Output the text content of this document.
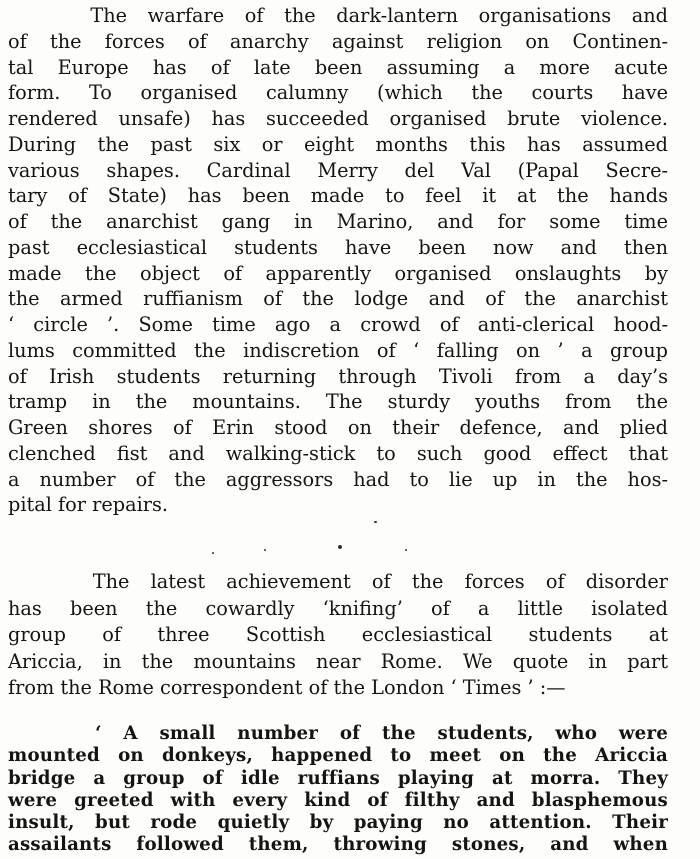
The warfare of the dark-lantern organisations and
of the forces of anarchy against religion on Continen-
tal Europe has of late been assuming a more acute
form. To organised calumny (which the courts have
rendered unsafe) has succeeded organised brute violence.
During the past six or eight months this has assumed
various shapes. Cardinal Merry del Val (Papal Secre-
tary of State) has been made to feel it at the hands
of the anarchist gang in Marino, and for some time
past ecclesiastical students have been now and then
made the object of apparently organised onslaughts by
the armed ruffianism of the lodge and of the anarchist
‘ circle ’. Some time ago a crowd of anti-clerical hood-
lums committed the indiscretion of ‘ falling on ’ a group
of Irish students returning through Tivoli from a day’s
tramp in the mountains. The sturdy youths from the
Green shores of Erin stood on their defence, and plied
clenched fist and walking-stick to such good effect that
a number of the aggressors had to lie up in the hos-
pital for repairs.
The latest achievement of the forces of disorder
has been the cowardly ‘knifing’ of a little isolated
group of three Scottish ecclesiastical students at
Ariccia, in the mountains near Rome. We quote in part
from the Rome correspondent of the London ‘ Times ’ :—
‘ A small number of the students, who were
mounted on donkeys, happened to meet on the Ariccia
bridge a group of idle ruffians playing at morra. They
were greeted with every kind of filthy and blasphemous
insult, but rode quietly by paying no attention. Their
assailants followed them, throwing stones, and when
